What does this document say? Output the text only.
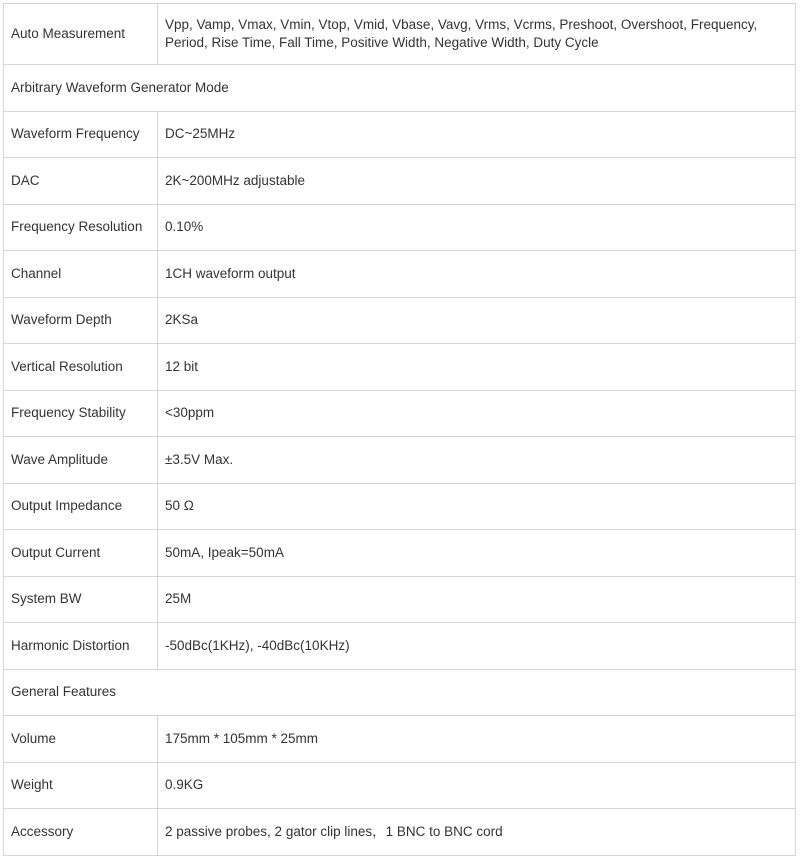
Auto Measurement	Vpp, Vamp, Vmax, Vmin, Vtop, Vmid, Vbase, Vavg, Vrms, Vcrms, Preshoot, Overshoot, Frequency, Period, Rise Time, Fall Time, Positive Width, Negative Width, Duty Cycle
Arbitrary Waveform Generator Mode	
Waveform Frequency	DC~25MHz
DAC	2K~200MHz adjustable
Frequency Resolution	0.10%
Channel	1CH waveform output
Waveform Depth	2KSa
Vertical Resolution	12 bit
Frequency Stability	<30ppm
Wave Amplitude	±3.5V Max.
Output Impedance	50 Ω
Output Current	50mA, Ipeak=50mA
System BW	25M
Harmonic Distortion	-50dBc(1KHz), -40dBc(10KHz)
General Features	
Volume	175mm * 105mm * 25mm
Weight	0.9KG
Accessory	2 passive probes, 2 gator clip lines，1 BNC to BNC cord
